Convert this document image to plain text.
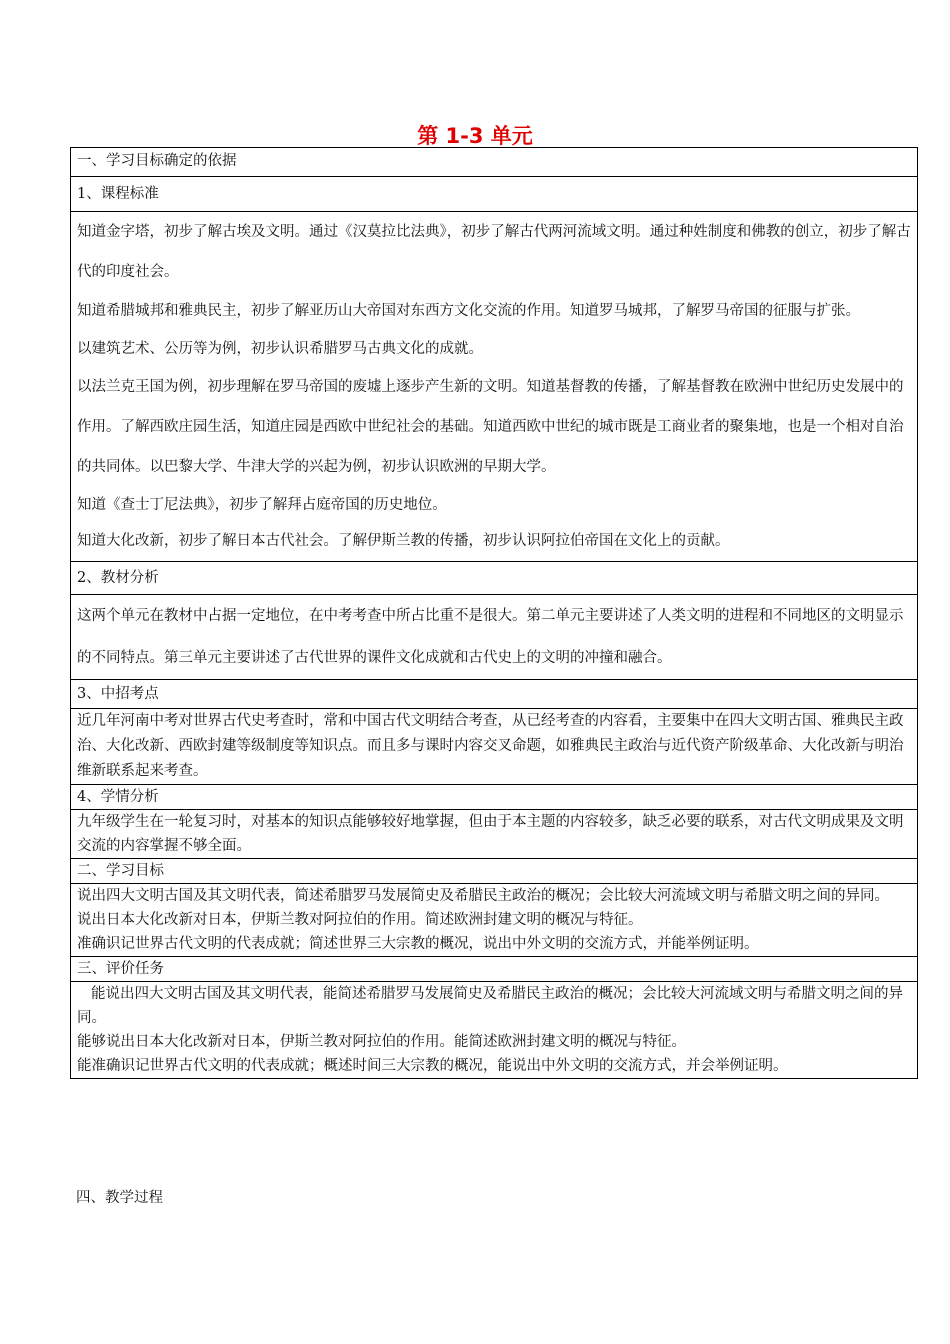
第 1-3 单元
一、学习目标确定的依据
1、课程标准

知道金字塔，初步了解古埃及文明。通过《汉莫拉比法典》，初步了解古代两河流域文明。通过种姓制度和佛教的创立，初步了解古代的印度社会。

知道希腊城邦和雅典民主，初步了解亚历山大帝国对东西方文化交流的作用。知道罗马城邦，了解罗马帝国的征服与扩张。

以建筑艺术、公历等为例，初步认识希腊罗马古典文化的成就。

以法兰克王国为例，初步理解在罗马帝国的废墟上逐步产生新的文明。知道基督教的传播，了解基督教在欧洲中世纪历史发展中的作用。了解西欧庄园生活，知道庄园是西欧中世纪社会的基础。知道西欧中世纪的城市既是工商业者的聚集地，也是一个相对自治的共同体。以巴黎大学、牛津大学的兴起为例，初步认识欧洲的早期大学。

知道《查士丁尼法典》，初步了解拜占庭帝国的历史地位。

知道大化改新，初步了解日本古代社会。了解伊斯兰教的传播，初步认识阿拉伯帝国在文化上的贡献。

2、教材分析

这两个单元在教材中占据一定地位，在中考考查中所占比重不是很大。第二单元主要讲述了人类文明的进程和不同地区的文明显示的不同特点。第三单元主要讲述了古代世界的课件文化成就和古代史上的文明的冲撞和融合。

3、中招考点

近几年河南中考对世界古代史考查时，常和中国古代文明结合考查，从已经考查的内容看，主要集中在四大文明古国、雅典民主政治、大化改新、西欧封建等级制度等知识点。而且多与课时内容交叉命题，如雅典民主政治与近代资产阶级革命、大化改新与明治维新联系起来考查。

4、学情分析

九年级学生在一轮复习时，对基本的知识点能够较好地掌握，但由于本主题的内容较多，缺乏必要的联系，对古代文明成果及文明交流的内容掌握不够全面。

二、学习目标

说出四大文明古国及其文明代表，简述希腊罗马发展简史及希腊民主政治的概况；会比较大河流域文明与希腊文明之间的异同。

说出日本大化改新对日本，伊斯兰教对阿拉伯的作用。简述欧洲封建文明的概况与特征。

准确识记世界古代文明的代表成就；简述世界三大宗教的概况，说出中外文明的交流方式，并能举例证明。

三、评价任务

能说出四大文明古国及其文明代表，能简述希腊罗马发展简史及希腊民主政治的概况；会比较大河流域文明与希腊文明之间的异同。

能够说出日本大化改新对日本，伊斯兰教对阿拉伯的作用。能简述欧洲封建文明的概况与特征。

能准确识记世界古代文明的代表成就；概述时间三大宗教的概况，能说出中外文明的交流方式，并会举例证明。

四、教学过程
